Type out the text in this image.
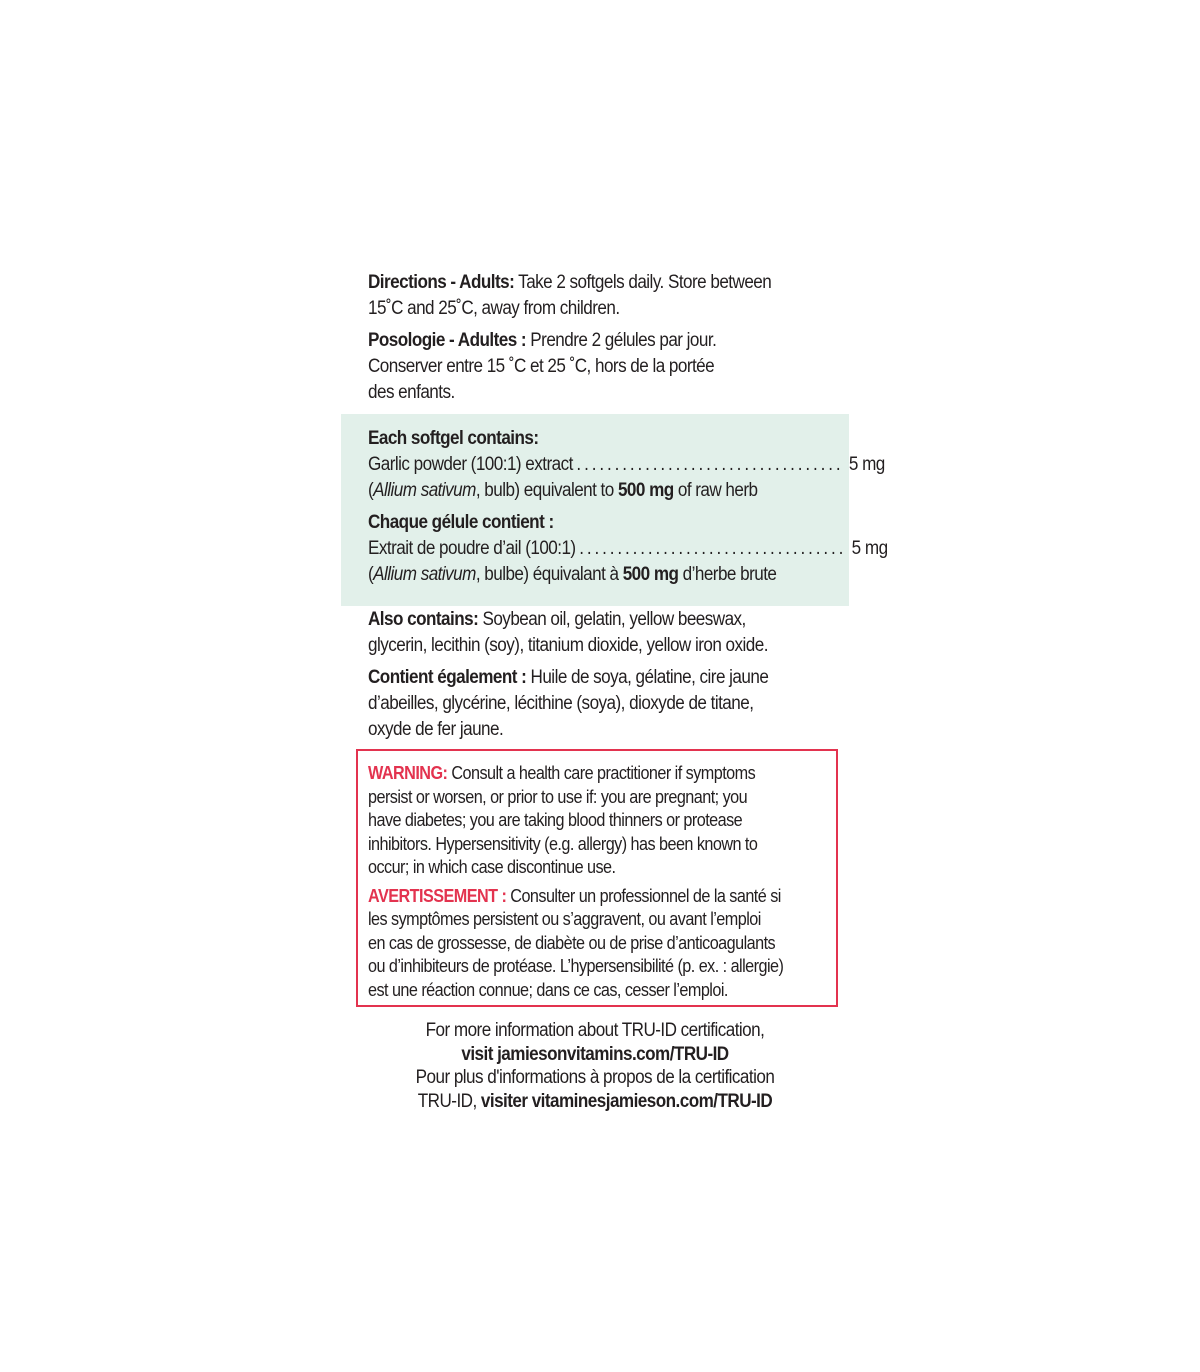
Directions - Adults: Take 2 softgels daily. Store between
15˚C and 25˚C, away from children.
Posologie - Adultes : Prendre 2 gélules par jour.
Conserver entre 15 ˚C et 25 ˚C, hors de la portée
des enfants.
Each softgel contains:
Garlic powder (100:1) extract ................................... 5 mg
(Allium sativum, bulb) equivalent to 500 mg of raw herb
Chaque gélule contient :
Extrait de poudre d’ail (100:1) ................................... 5 mg
(Allium sativum, bulbe) équivalant à 500 mg d’herbe brute
Also contains: Soybean oil, gelatin, yellow beeswax,
glycerin, lecithin (soy), titanium dioxide, yellow iron oxide.
Contient également : Huile de soya, gélatine, cire jaune
d’abeilles, glycérine, lécithine (soya), dioxyde de titane,
oxyde de fer jaune.
WARNING: Consult a health care practitioner if symptoms
persist or worsen, or prior to use if: you are pregnant; you
have diabetes; you are taking blood thinners or protease
inhibitors. Hypersensitivity (e.g. allergy) has been known to
occur; in which case discontinue use.
AVERTISSEMENT : Consulter un professionnel de la santé si
les symptômes persistent ou s’aggravent, ou avant l’emploi
en cas de grossesse, de diabète ou de prise d’anticoagulants
ou d’inhibiteurs de protéase. L’hypersensibilité (p. ex. : allergie)
est une réaction connue; dans ce cas, cesser l’emploi.
For more information about TRU-ID certification,
visit jamiesonvitamins.com/TRU-ID
Pour plus d'informations à propos de la certification
TRU-ID, visiter vitaminesjamieson.com/TRU-ID
